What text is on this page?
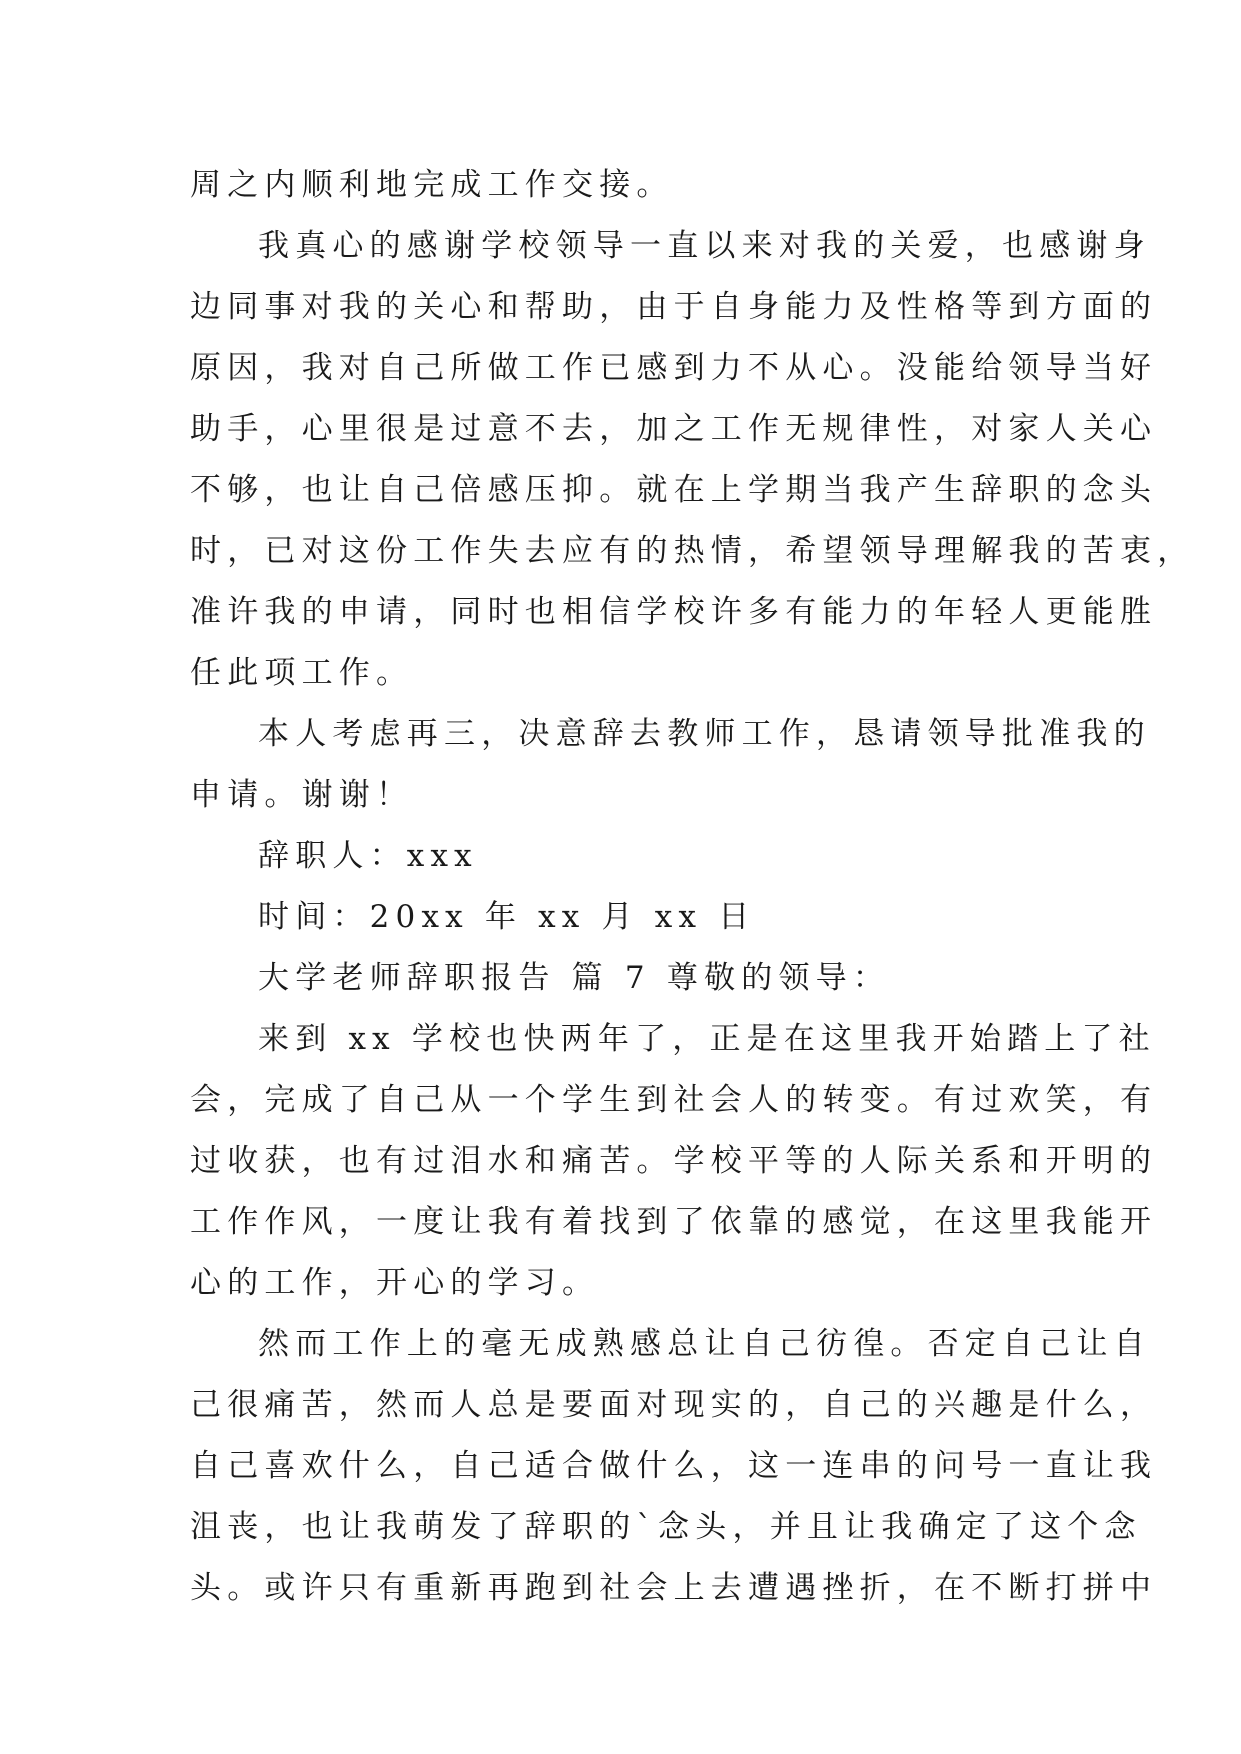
周之内顺利地完成工作交接。
我真心的感谢学校领导一直以来对我的关爱，也感谢身
边同事对我的关心和帮助，由于自身能力及性格等到方面的
原因，我对自己所做工作已感到力不从心。没能给领导当好
助手，心里很是过意不去，加之工作无规律性，对家人关心
不够，也让自己倍感压抑。就在上学期当我产生辞职的念头
时，已对这份工作失去应有的热情，希望领导理解我的苦衷，
准许我的申请，同时也相信学校许多有能力的年轻人更能胜
任此项工作。
本人考虑再三，决意辞去教师工作，恳请领导批准我的
申请。谢谢！
辞职人：xxx
时间：20xx 年 xx 月 xx 日
大学老师辞职报告 篇 7 尊敬的领导：
来到 xx 学校也快两年了，正是在这里我开始踏上了社
会，完成了自己从一个学生到社会人的转变。有过欢笑，有
过收获，也有过泪水和痛苦。学校平等的人际关系和开明的
工作作风，一度让我有着找到了依靠的感觉，在这里我能开
心的工作，开心的学习。
然而工作上的毫无成熟感总让自己彷徨。否定自己让自
己很痛苦，然而人总是要面对现实的，自己的兴趣是什么，
自己喜欢什么，自己适合做什么，这一连串的问号一直让我
沮丧，也让我萌发了辞职的`念头，并且让我确定了这个念
头。或许只有重新再跑到社会上去遭遇挫折，在不断打拼中
